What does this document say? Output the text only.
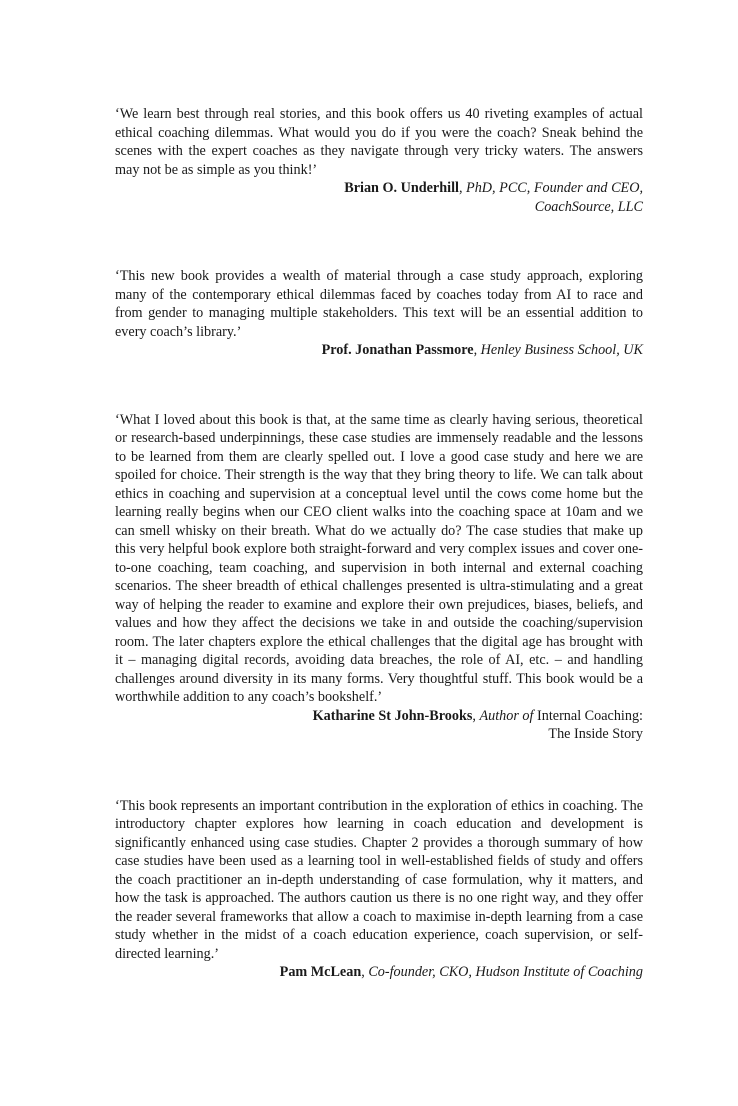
‘We learn best through real stories, and this book offers us 40 riveting examples of actual ethical coaching dilemmas. What would you do if you were the coach? Sneak behind the scenes with the expert coaches as they navigate through very tricky waters. The answers may not be as simple as you think!’

Brian O. Underhill, PhD, PCC, Founder and CEO,
CoachSource, LLC

‘This new book provides a wealth of material through a case study approach, exploring many of the contemporary ethical dilemmas faced by coaches today from AI to race and from gender to managing multiple stakeholders. This text will be an essential addition to every coach’s library.’

Prof. Jonathan Passmore, Henley Business School, UK

‘What I loved about this book is that, at the same time as clearly having serious, theoretical or research-based underpinnings, these case studies are immensely readable and the lessons to be learned from them are clearly spelled out. I love a good case study and here we are spoiled for choice. Their strength is the way that they bring theory to life. We can talk about ethics in coaching and supervision at a conceptual level until the cows come home but the learning really begins when our CEO client walks into the coaching space at 10am and we can smell whisky on their breath. What do we actually do? The case studies that make up this very helpful book explore both straight-forward and very complex issues and cover one-to-one coaching, team coaching, and supervision in both internal and external coaching scenarios. The sheer breadth of ethical challenges presented is ultra-stimulating and a great way of helping the reader to examine and explore their own prejudices, biases, beliefs, and values and how they affect the decisions we take in and outside the coaching/supervision room. The later chapters explore the ethical challenges that the digital age has brought with it – managing digital records, avoiding data breaches, the role of AI, etc. – and handling challenges around diversity in its many forms. Very thoughtful stuff. This book would be a worthwhile addition to any coach’s bookshelf.’

Katharine St John-Brooks, Author of Internal Coaching:
The Inside Story

‘This book represents an important contribution in the exploration of ethics in coaching. The introductory chapter explores how learning in coach education and development is significantly enhanced using case studies. Chapter 2 provides a thorough summary of how case studies have been used as a learning tool in well-established fields of study and offers the coach practitioner an in-depth understanding of case formulation, why it matters, and how the task is approached. The authors caution us there is no one right way, and they offer the reader several frameworks that allow a coach to maximise in-depth learning from a case study whether in the midst of a coach education experience, coach supervision, or self-directed learning.’

Pam McLean, Co-founder, CKO, Hudson Institute of Coaching
